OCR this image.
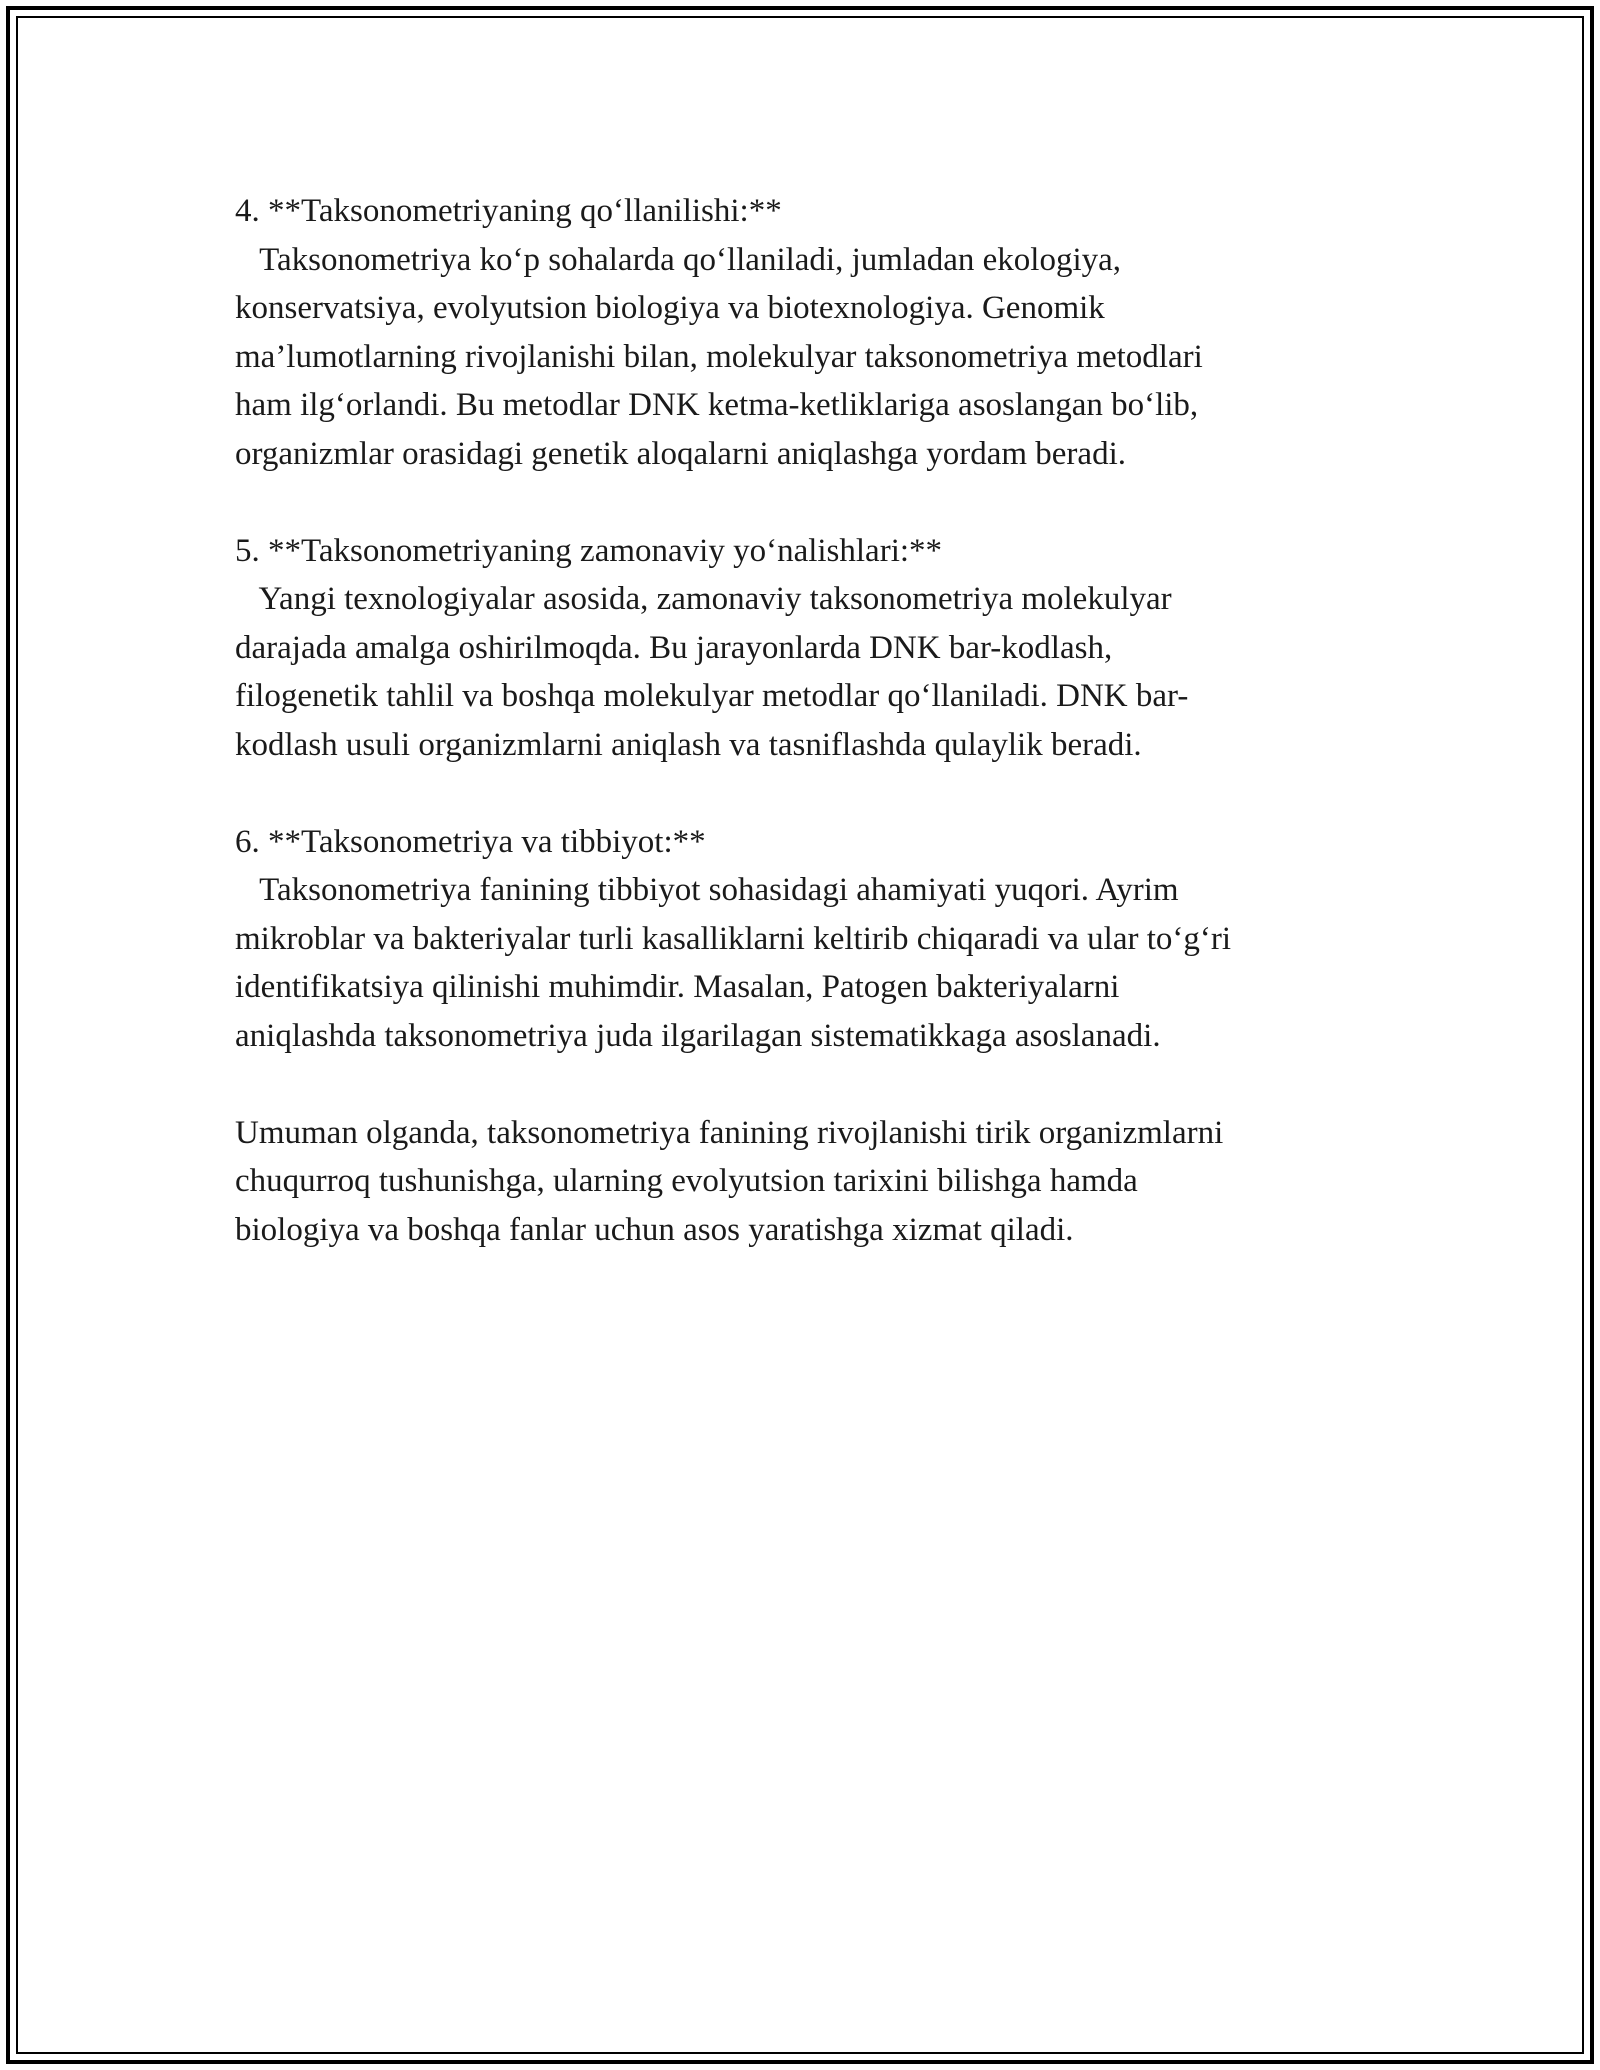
4. **Taksonometriyaning qo‘llanilishi:**
Taksonometriya ko‘p sohalarda qo‘llaniladi, jumladan ekologiya,
konservatsiya, evolyutsion biologiya va biotexnologiya. Genomik
ma’lumotlarning rivojlanishi bilan, molekulyar taksonometriya metodlari
ham ilg‘orlandi. Bu metodlar DNK ketma-ketliklariga asoslangan bo‘lib,
organizmlar orasidagi genetik aloqalarni aniqlashga yordam beradi.
5. **Taksonometriyaning zamonaviy yo‘nalishlari:**
Yangi texnologiyalar asosida, zamonaviy taksonometriya molekulyar
darajada amalga oshirilmoqda. Bu jarayonlarda DNK bar-kodlash,
filogenetik tahlil va boshqa molekulyar metodlar qo‘llaniladi. DNK bar-
kodlash usuli organizmlarni aniqlash va tasniflashda qulaylik beradi.
6. **Taksonometriya va tibbiyot:**
Taksonometriya fanining tibbiyot sohasidagi ahamiyati yuqori. Ayrim
mikroblar va bakteriyalar turli kasalliklarni keltirib chiqaradi va ular to‘g‘ri
identifikatsiya qilinishi muhimdir. Masalan, Patogen bakteriyalarni
aniqlashda taksonometriya juda ilgarilagan sistematikkaga asoslanadi.
Umuman olganda, taksonometriya fanining rivojlanishi tirik organizmlarni
chuqurroq tushunishga, ularning evolyutsion tarixini bilishga hamda
biologiya va boshqa fanlar uchun asos yaratishga xizmat qiladi.
